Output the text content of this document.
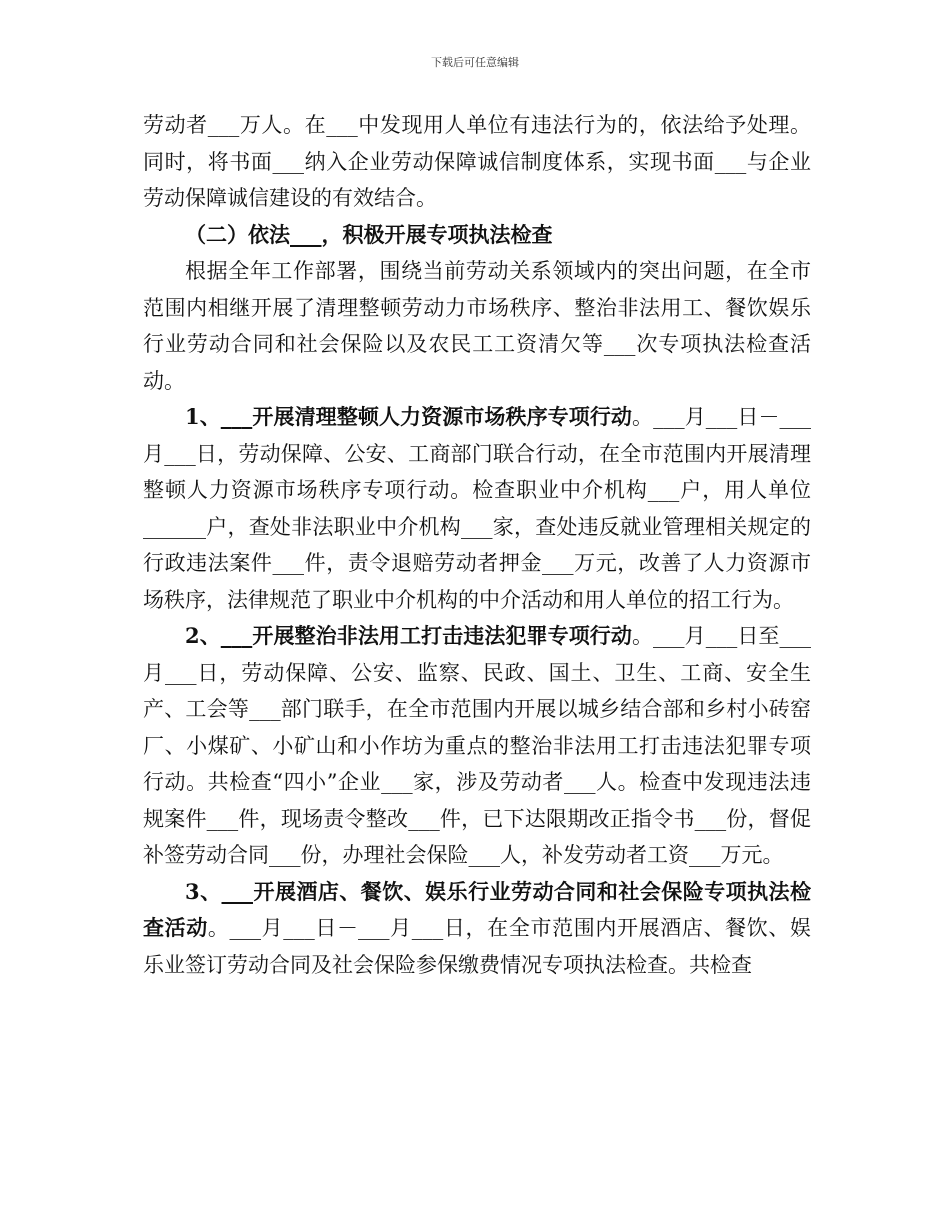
下载后可任意编辑

劳动者___万人。在___中发现用人单位有违法行为的，依法给予处理。同时，将书面___纳入企业劳动保障诚信制度体系，实现书面___与企业劳动保障诚信建设的有效结合。

（二）依法___，积极开展专项执法检查

根据全年工作部署，围绕当前劳动关系领域内的突出问题，在全市范围内相继开展了清理整顿劳动力市场秩序、整治非法用工、餐饮娱乐行业劳动合同和社会保险以及农民工工资清欠等___次专项执法检查活动。

1、___开展清理整顿人力资源市场秩序专项行动。___月___日－___月___日，劳动保障、公安、工商部门联合行动，在全市范围内开展清理整顿人力资源市场秩序专项行动。检查职业中介机构___户，用人单位______户，查处非法职业中介机构___家，查处违反就业管理相关规定的行政违法案件___件，责令退赔劳动者押金___万元，改善了人力资源市场秩序，法律规范了职业中介机构的中介活动和用人单位的招工行为。

2、___开展整治非法用工打击违法犯罪专项行动。___月___日至___月___日，劳动保障、公安、监察、民政、国土、卫生、工商、安全生产、工会等___部门联手，在全市范围内开展以城乡结合部和乡村小砖窑厂、小煤矿、小矿山和小作坊为重点的整治非法用工打击违法犯罪专项行动。共检查“四小”企业___家，涉及劳动者___人。检查中发现违法违规案件___件，现场责令整改___件，已下达限期改正指令书___份，督促补签劳动合同___份，办理社会保险___人，补发劳动者工资___万元。

3、___开展酒店、餐饮、娱乐行业劳动合同和社会保险专项执法检查活动。___月___日－___月___日，在全市范围内开展酒店、餐饮、娱乐业签订劳动合同及社会保险参保缴费情况专项执法检查。共检查
